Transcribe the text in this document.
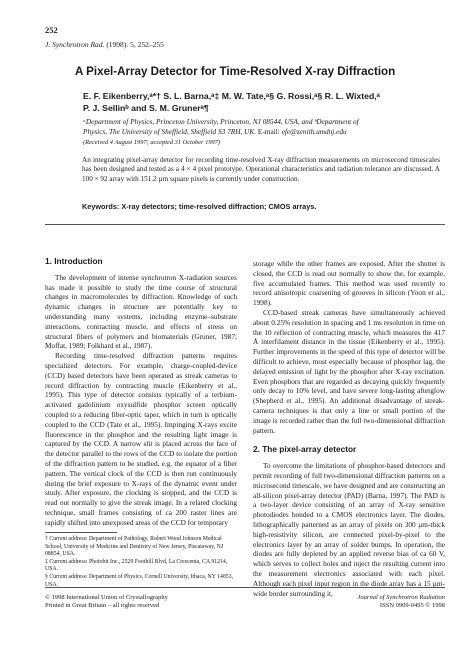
252
J. Synchrotron Rad. (1998). 5, 252–255
A Pixel-Array Detector for Time-Resolved X-ray Diffraction
E. F. Eikenberry,ᵃ*† S. L. Barna,ᵃ‡ M. W. Tate,ᵃ§ G. Rossi,ᵃ§ R. L. Wixted,ᵃ
P. J. Sellinᵇ and S. M. Grunerᵃ¶
ᵃDepartment of Physics, Princeton University, Princeton, NJ 08544, USA, and ᵇDepartment of
Physics, The University of Sheffield, Sheffield S3 7RH, UK. E-mail: efe@zenith.umdnj.edu
(Received 4 August 1997; accepted 31 October 1997)
An integrating pixel-array detector for recording time-resolved X-ray diffraction measurements on microsecond timescales has been designed and tested as a 4 × 4 pixel prototype. Operational characteristics and radiation tolerance are discussed. A 100 × 92 array with 151.2 µm square pixels is currently under construction.
Keywords: X-ray detectors; time-resolved diffraction; CMOS arrays.
1. Introduction

The development of intense synchrotron X-radiation sources has made it possible to study the time course of structural changes in macromolecules by diffraction. Knowledge of such dynamic changes in structure are potentially key to understanding many systems, including enzyme–substrate interactions, contracting muscle, and effects of stress on structural fibers of polymers and biomaterials (Gruner, 1987; Moffat, 1989; Folkhard et al., 1987).

Recording time-resolved diffraction patterns requires specialized detectors. For example, charge-coupled-device (CCD) based detectors have been operated as streak cameras to record diffraction by contracting muscle (Eikenberry et al., 1995). This type of detector consists typically of a terbium-activated gadolinium oxysulfide phosphor screen optically coupled to a reducing fiber-optic taper, which in turn is optically coupled to the CCD (Tate et al., 1995). Impinging X-rays excite fluorescence in the phosphor and the resulting light image is captured by the CCD. A narrow slit is placed across the face of the detector parallel to the rows of the CCD to isolate the portion of the diffraction pattern to be studied, e.g. the equator of a fiber pattern. The vertical clock of the CCD is then run continuously during the brief exposure to X-rays of the dynamic event under study. After exposure, the clocking is stopped, and the CCD is read out normally to give the streak image. In a related clocking technique, small frames consisting of ca 200 raster lines are rapidly shifted into unexposed areas of the CCD for temporary

storage while the other frames are exposed. After the shutter is closed, the CCD is read out normally to show the, for example, five accumulated frames. This method was used recently to record anisotropic coarsening of grooves in silicon (Yoon et al., 1998).

CCD-based streak cameras have simultaneously achieved about 0.25% resolution in spacing and 1 ms resolution in time on the 10 reflection of contracting muscle, which measures the 417 Å interfilament distance in the tissue (Eikenberry et al., 1995). Further improvements in the speed of this type of detector will be difficult to achieve, most especially because of phosphor lag, the delayed emission of light by the phosphor after X-ray excitation. Even phosphors that are regarded as decaying quickly frequently only decay to 10% level, and have severe long-lasting afterglow (Shepherd et al., 1995). An additional disadvantage of streak-camera techniques is that only a line or small portion of the image is recorded rather than the full two-dimensional diffraction pattern.

2. The pixel-array detector

To overcome the limitations of phosphor-based detectors and permit recording of full two-dimensional diffraction patterns on a microsecond timescale, we have designed and are constructing an all-silicon pixel-array detector (PAD) (Barna, 1997). The PAD is a two-layer device consisting of an array of X-ray sensitive photodiodes bonded to a CMOS electronics layer. The diodes, lithographically patterned as an array of pixels on 300 µm-thick high-resistivity silicon, are connected pixel-by-pixel to the electronics layer by an array of solder bumps. In operation, the diodes are fully depleted by an applied reverse bias of ca 60 V, which serves to collect holes and inject the resulting current into the measurement electronics associated with each pixel. Although each pixel input region in the diode array has a 15 µm-wide border surrounding it,

† Current address: Department of Pathology, Robert Wood Johnson Medical School, University of Medicine and Dentistry of New Jersey, Piscataway, NJ 08854, USA.

‡ Current address: Photobit Inc., 2529 Foothill Blvd, La Crescenta, CA 91214, USA.

§ Current address: Department of Physics, Cornell University, Ithaca, NY 14853, USA.

© 1998 International Union of Crystallography
Printed in Great Britain – all rights reserved
Journal of Synchrotron Radiation
ISSN 0909-0495 © 1998
